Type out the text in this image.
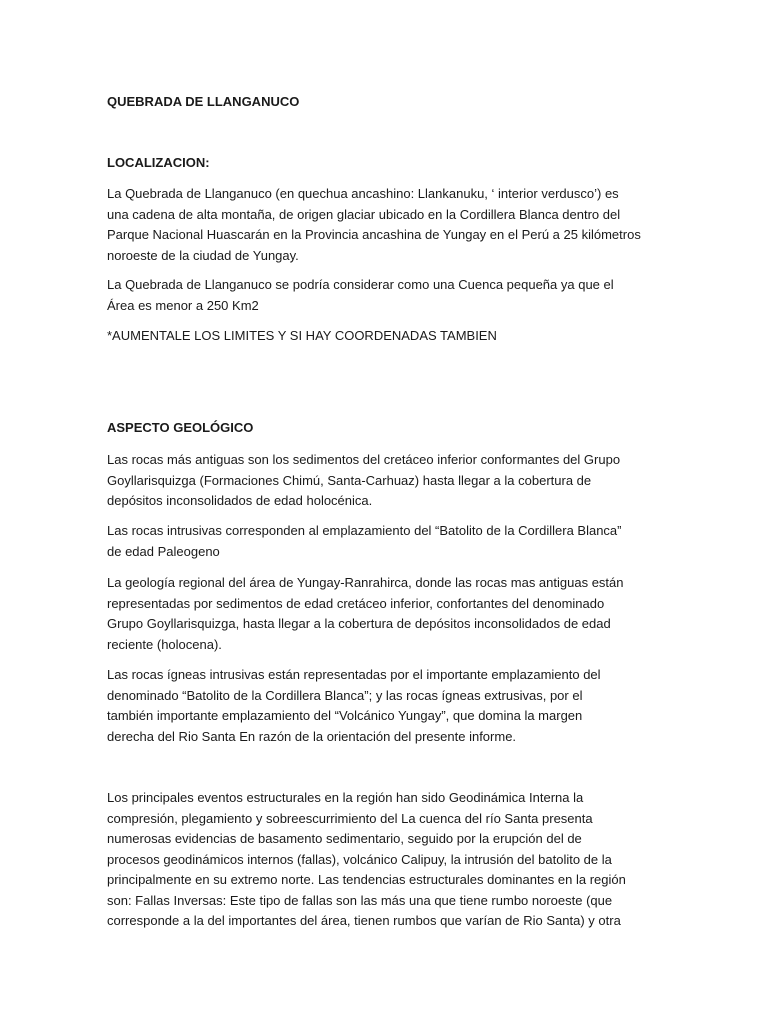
QUEBRADA DE LLANGANUCO
LOCALIZACION:
La Quebrada de Llanganuco (en quechua ancashino: Llankanuku, ‘ interior verdusco’) es
una cadena de alta montaña, de origen glaciar ubicado en la Cordillera Blanca dentro del
Parque Nacional Huascarán en la Provincia ancashina de Yungay en el Perú a 25 kilómetros
noroeste de la ciudad de Yungay.
La Quebrada de Llanganuco se podría considerar como una Cuenca pequeña ya que el
Área es menor a 250 Km2
*AUMENTALE LOS LIMITES Y SI HAY COORDENADAS TAMBIEN
ASPECTO GEOLÓGICO
Las rocas más antiguas son los sedimentos del cretáceo inferior conformantes del Grupo
Goyllarisquizga (Formaciones Chimú, Santa-Carhuaz) hasta llegar a la cobertura de
depósitos inconsolidados de edad holocénica.
Las rocas intrusivas corresponden al emplazamiento del “Batolito de la Cordillera Blanca”
de edad Paleogeno
La geología regional del área de Yungay-Ranrahirca, donde las rocas mas antiguas están
representadas por sedimentos de edad cretáceo inferior, confortantes del denominado
Grupo Goyllarisquizga, hasta llegar a la cobertura de depósitos inconsolidados de edad
reciente (holocena).
Las rocas ígneas intrusivas están representadas por el importante emplazamiento del
denominado “Batolito de la Cordillera Blanca”; y las rocas ígneas extrusivas, por el
también importante emplazamiento del “Volcánico Yungay”, que domina la margen
derecha del Rio Santa En razón de la orientación del presente informe.
Los principales eventos estructurales en la región han sido Geodinámica Interna la
compresión, plegamiento y sobreescurrimiento del La cuenca del río Santa presenta
numerosas evidencias de basamento sedimentario, seguido por la erupción del de
procesos geodinámicos internos (fallas), volcánico Calipuy, la intrusión del batolito de la
principalmente en su extremo norte. Las tendencias estructurales dominantes en la región
son: Fallas Inversas: Este tipo de fallas son las más una que tiene rumbo noroeste (que
corresponde a la del importantes del área, tienen rumbos que varían de Rio Santa) y otra
